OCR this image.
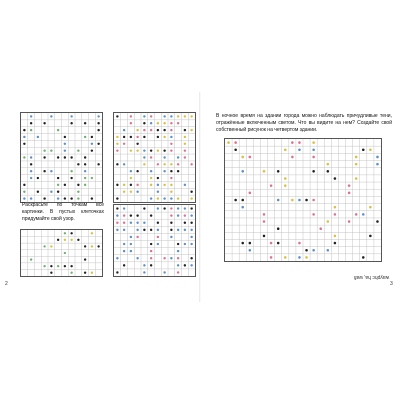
Раскрасьте по точкам все картинки. В пустых клеточках придумайте свой узор.
2
В ночное время на здании города можно наблюдать причудливые тени, отражённые включенным светом. Что вы видите на нем? Создайте свой собственный рисунок на четвертом здании.
ᴉɟɐʍ ʻɐɥ ɔɥdʎɐʍ
3
